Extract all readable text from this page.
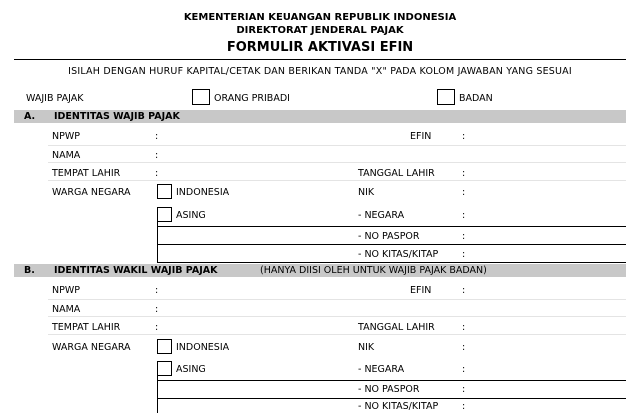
KEMENTERIAN KEUANGAN REPUBLIK INDONESIA
DIREKTORAT JENDERAL PAJAK
FORMULIR AKTIVASI EFIN
ISILAH DENGAN HURUF KAPITAL/CETAK DAN BERIKAN TANDA "X" PADA KOLOM JAWABAN YANG SESUAI
WAJIB PAJAK	ORANG PRIBADI	BADAN
A. IDENTITAS WAJIB PAJAK
NPWP	:	EFIN	:
NAMA	:
TEMPAT LAHIR	:	TANGGAL LAHIR	:
WARGA NEGARA	INDONESIA	NIK	:
ASING	- NEGARA	:
- NO PASPOR	:
- NO KITAS/KITAP	:
B. IDENTITAS WAKIL WAJIB PAJAK	(HANYA DIISI OLEH UNTUK WAJIB PAJAK BADAN)
NPWP	:	EFIN	:
NAMA	:
TEMPAT LAHIR	:	TANGGAL LAHIR	:
WARGA NEGARA	INDONESIA	NIK	:
ASING	- NEGARA	:
- NO PASPOR	:
- NO KITAS/KITAP	:
